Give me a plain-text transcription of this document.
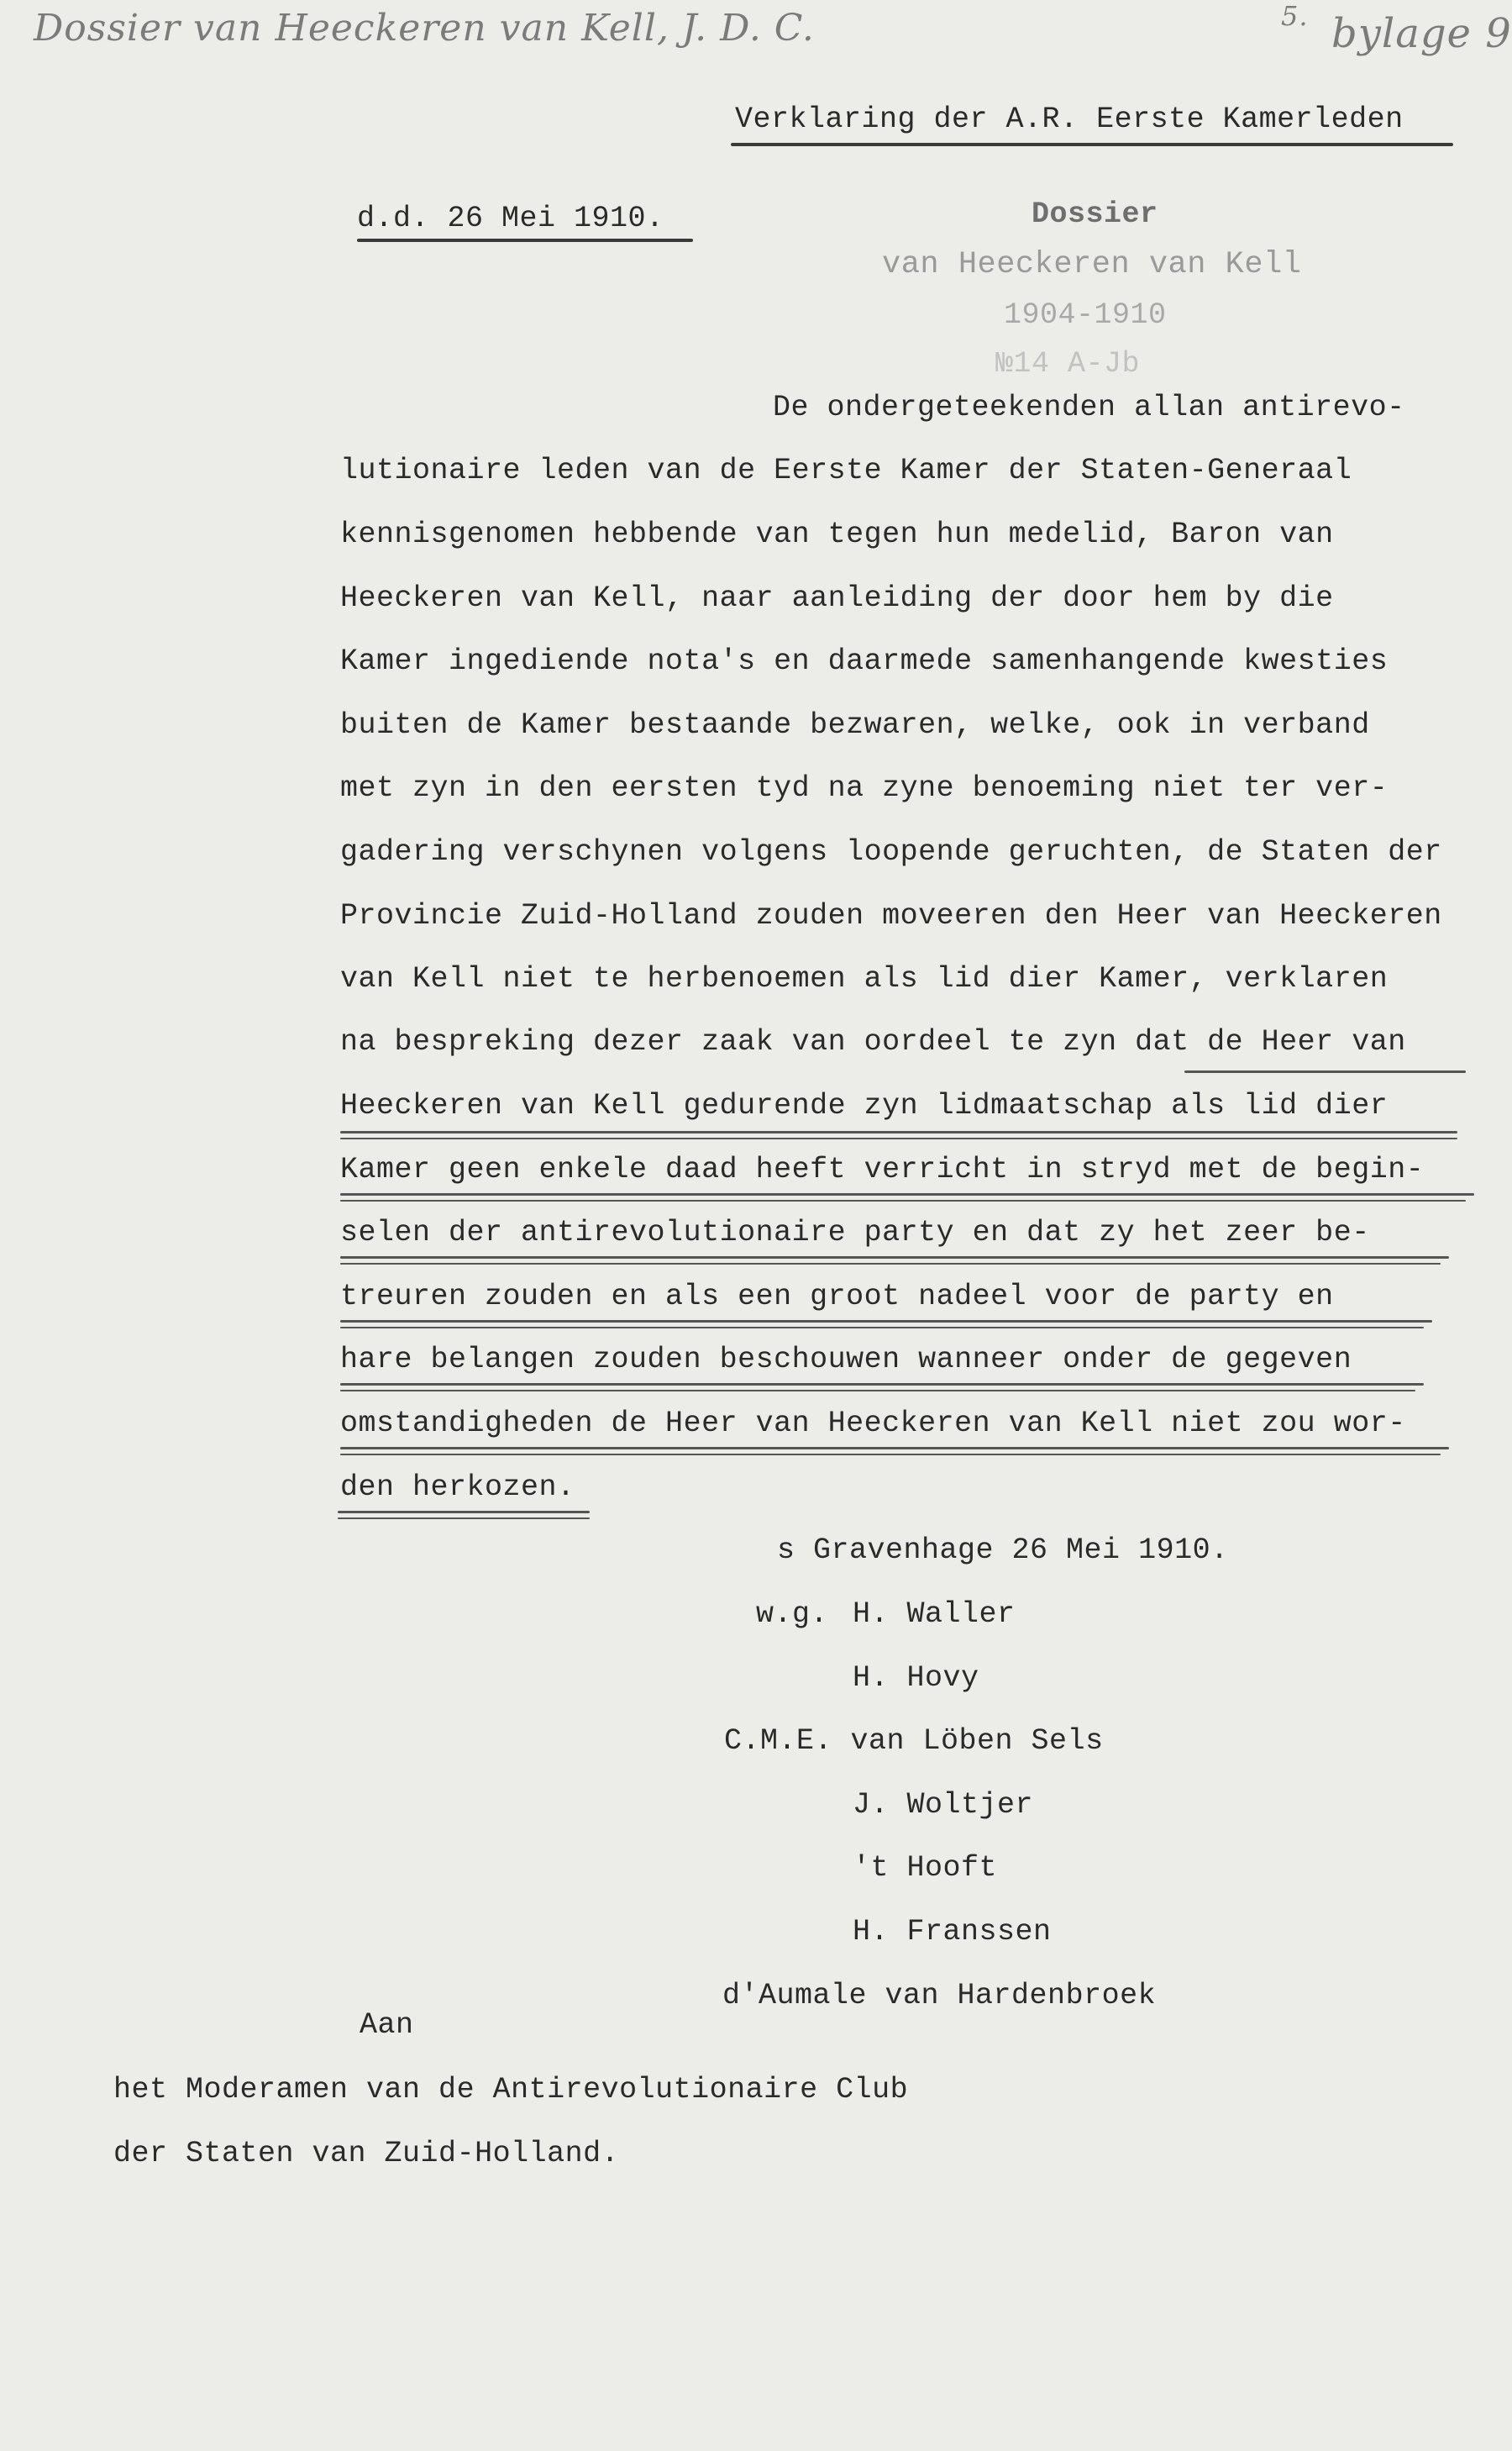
Dossier van Heeckeren van Kell, J. D. C.	5. bylage 9
Verklaring der A.R. Eerste Kamerleden
d.d. 26 Mei 1910.	Dossier
van Heeckeren van Kell
1904-1910
№14 A-Jb
De ondergeteekenden allan antirevo-
lutionaire leden van de Eerste Kamer der Staten-Generaal
kennisgenomen hebbende van tegen hun medelid, Baron van
Heeckeren van Kell, naar aanleiding der door hem by die
Kamer ingediende nota's en daarmede samenhangende kwesties
buiten de Kamer bestaande bezwaren, welke, ook in verband
met zyn in den eersten tyd na zyne benoeming niet ter ver-
gadering verschynen volgens loopende geruchten, de Staten der
Provincie Zuid-Holland zouden moveeren den Heer van Heeckeren
van Kell niet te herbenoemen als lid dier Kamer, verklaren
na bespreking dezer zaak van oordeel te zyn dat de Heer van
Heeckeren van Kell gedurende zyn lidmaatschap als lid dier
Kamer geen enkele daad heeft verricht in stryd met de begin-
selen der antirevolutionaire party en dat zy het zeer be-
treuren zouden en als een groot nadeel voor de party en
hare belangen zouden beschouwen wanneer onder de gegeven
omstandigheden de Heer van Heeckeren van Kell niet zou wor-
den herkozen.
s Gravenhage 26 Mei 1910.
w.g. H. Waller
H. Hovy
C.M.E. van Löben Sels
J. Woltjer
't Hooft
H. Franssen
d'Aumale van Hardenbroek
Aan
het Moderamen van de Antirevolutionaire Club
der Staten van Zuid-Holland.
